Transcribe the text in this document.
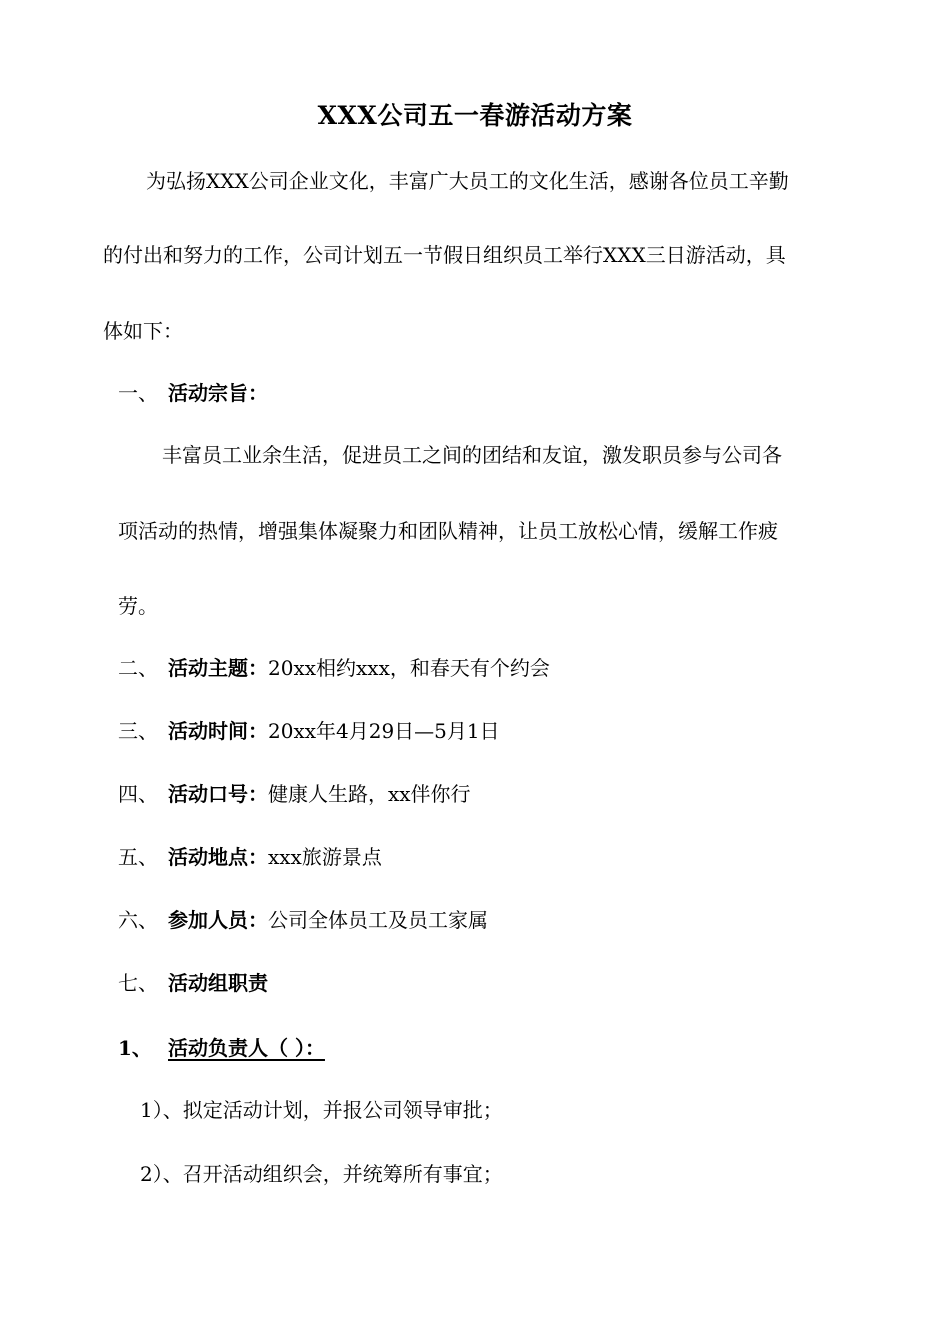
XXX公司五一春游活动方案
为弘扬XXX公司企业文化，丰富广大员工的文化生活，感谢各位员工辛勤
的付出和努力的工作，公司计划五一节假日组织员工举行XXX三日游活动，具
体如下：
一、 活动宗旨：
丰富员工业余生活，促进员工之间的团结和友谊，激发职员参与公司各
项活动的热情，增强集体凝聚力和团队精神，让员工放松心情，缓解工作疲
劳。
二、 活动主题：20xx相约xxx，和春天有个约会
三、 活动时间：20xx年4月29日—5月1日
四、 活动口号：健康人生路，xx伴你行
五、 活动地点：xxx旅游景点
六、 参加人员：公司全体员工及员工家属
七、 活动组职责
1、 活动负责人（ ）：
1）、拟定活动计划，并报公司领导审批；
2）、召开活动组织会，并统筹所有事宜；
